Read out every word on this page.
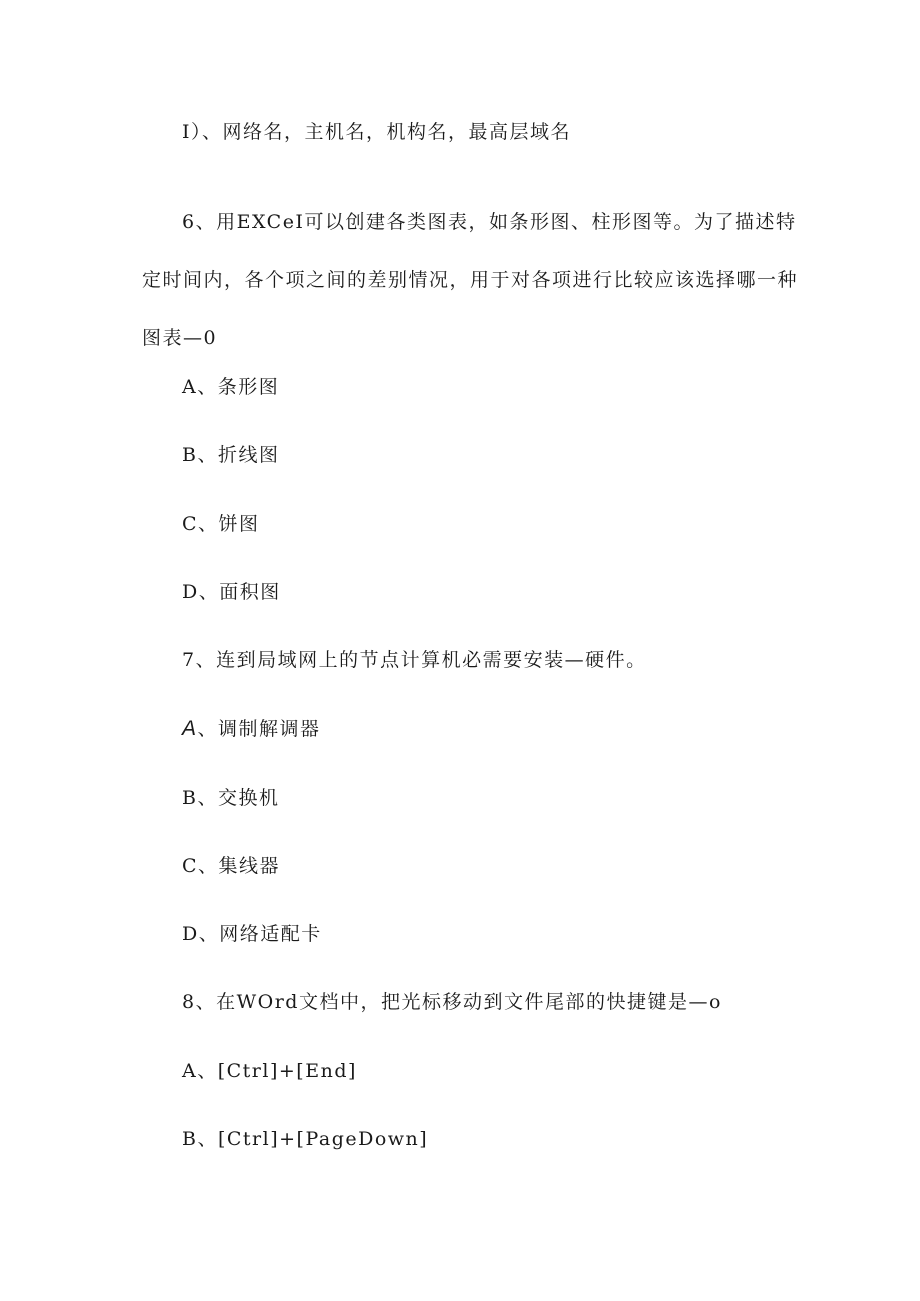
I）、网络名，主机名，机构名，最高层域名
6、用EXCeI可以创建各类图表，如条形图、柱形图等。为了描述特
定时间内，各个项之间的差别情况，用于对各项进行比较应该选择哪一种
图表—0
A、条形图
B、折线图
C、饼图
D、面积图
7、连到局域网上的节点计算机必需要安装—硬件。
A、调制解调器
B、交换机
C、集线器
D、网络适配卡
8、在WOrd文档中，把光标移动到文件尾部的快捷键是—o
A、[Ctrl]+[End]
B、[Ctrl]+[PageDown]
